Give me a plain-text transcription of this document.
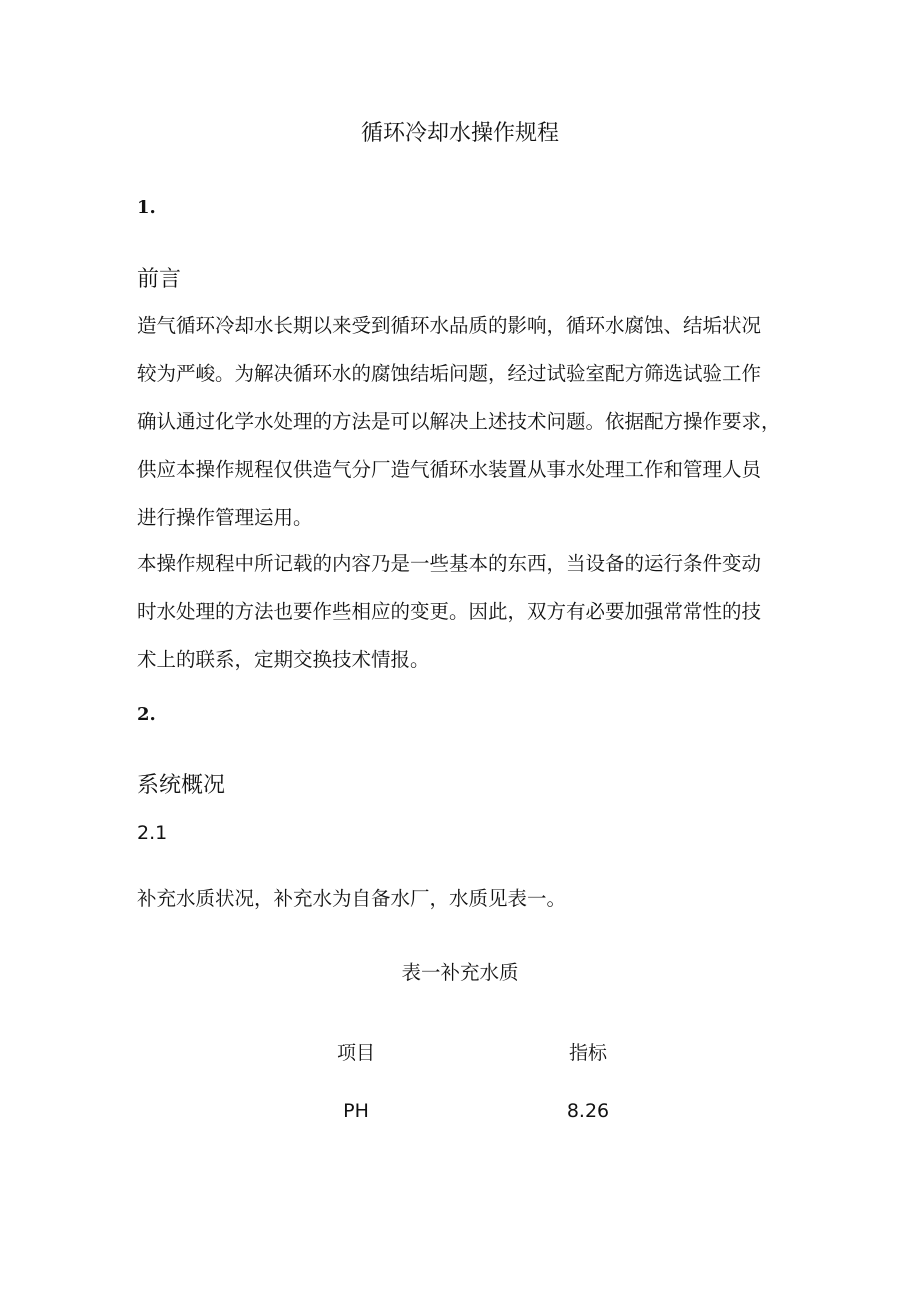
循环冷却水操作规程
1.
前言
造气循环冷却水长期以来受到循环水品质的影响，循环水腐蚀、结垢状况
较为严峻。为解决循环水的腐蚀结垢问题，经过试验室配方筛选试验工作
确认通过化学水处理的方法是可以解决上述技术问题。依据配方操作要求，
供应本操作规程仅供造气分厂造气循环水装置从事水处理工作和管理人员
进行操作管理运用。
本操作规程中所记载的内容乃是一些基本的东西，当设备的运行条件变动
时水处理的方法也要作些相应的变更。因此，双方有必要加强常常性的技
术上的联系，定期交换技术情报。
2.
系统概况
2.1
补充水质状况，补充水为自备水厂，水质见表一。
表一补充水质
项目	指标
PH	8.26
